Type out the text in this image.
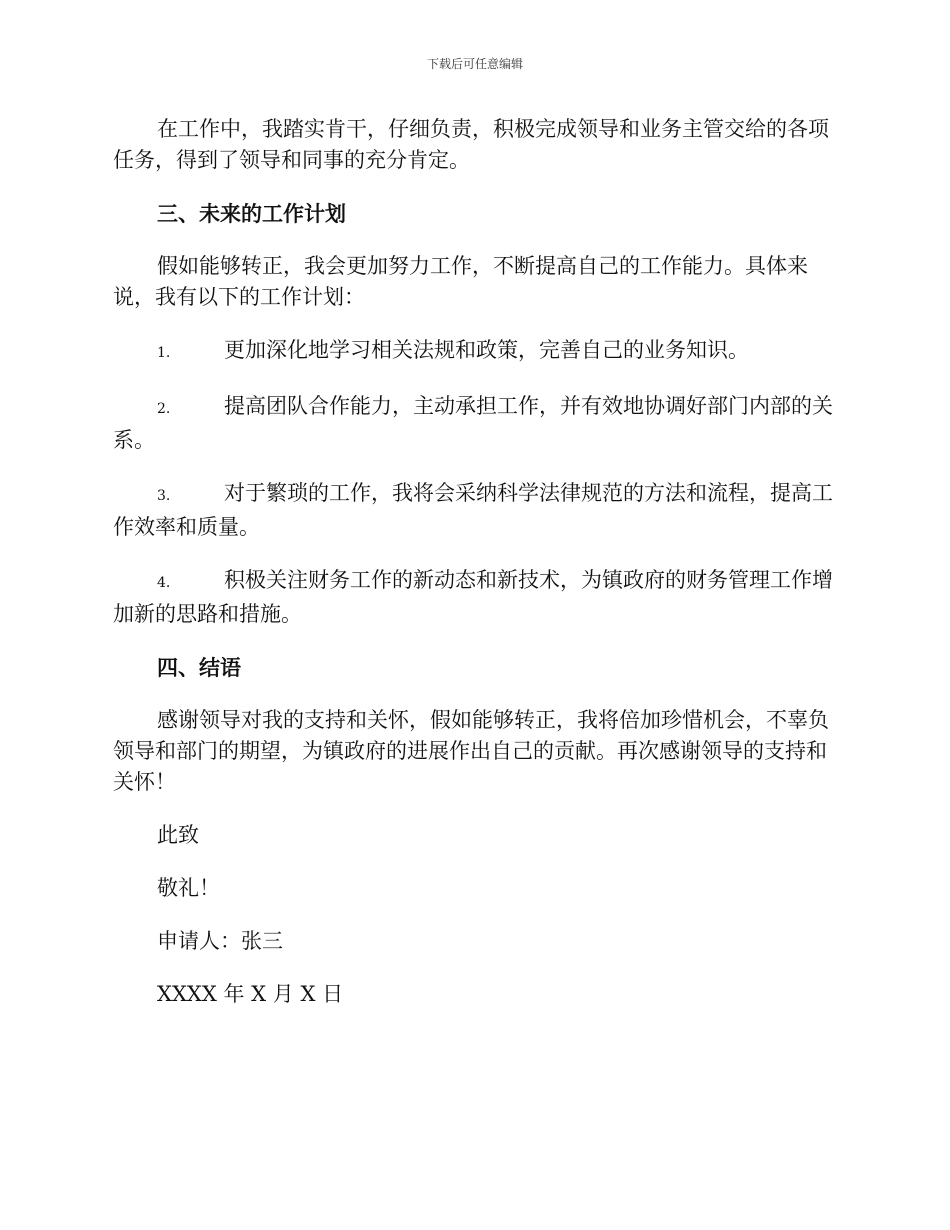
下载后可任意编辑

在工作中，我踏实肯干，仔细负责，积极完成领导和业务主管交给的各项任务，得到了领导和同事的充分肯定。

三、未来的工作计划

假如能够转正，我会更加努力工作，不断提高自己的工作能力。具体来说，我有以下的工作计划：

1.	更加深化地学习相关法规和政策，完善自己的业务知识。

2.	提高团队合作能力，主动承担工作，并有效地协调好部门内部的关系。

3.	对于繁琐的工作，我将会采纳科学法律规范的方法和流程，提高工作效率和质量。

4.	积极关注财务工作的新动态和新技术，为镇政府的财务管理工作增加新的思路和措施。

四、结语

感谢领导对我的支持和关怀，假如能够转正，我将倍加珍惜机会，不辜负领导和部门的期望，为镇政府的进展作出自己的贡献。再次感谢领导的支持和关怀！

此致

敬礼！

申请人：张三

XXXX 年 X 月 X 日
